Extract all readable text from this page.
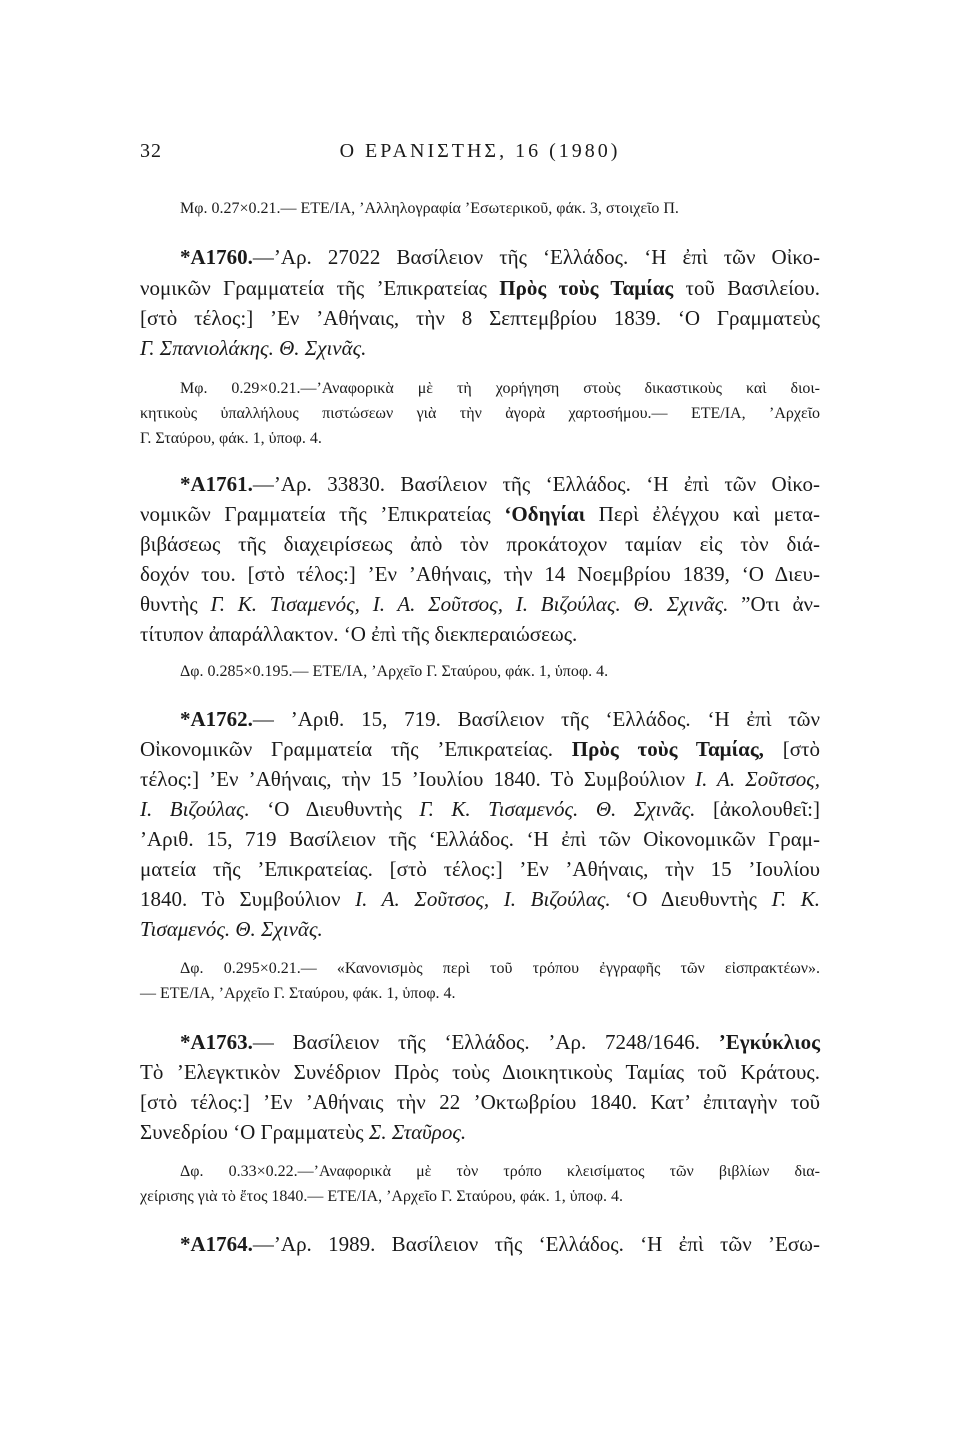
32	Ο ΕΡΑΝΙΣΤΗΣ, 16 (1980)
Μφ. 0.27×0.21.— ΕΤΕ/ΙΑ, ’Αλληλογραφία ’Εσωτερικοῦ, φάκ. 3, στοιχεῖο Π.
*Α1760.—’Αρ. 27022 Βασίλειον τῆς ‘Ελλάδος. ‘Η ἐπὶ τῶν Οἰκο-
νομικῶν Γραμματεία τῆς ’Επικρατείας Πρὸς τοὺς Ταμίας τοῦ Βασιλείου.
[στὸ τέλος:] ’Εν ’Αθήναις, τὴν 8 Σεπτεμβρίου 1839. ‘Ο Γραμματεὺς
Γ. Σπανιολάκης. Θ. Σχινᾶς.
Μφ. 0.29×0.21.—’Αναφορικὰ μὲ τὴ χορήγηση στοὺς δικαστικοὺς καὶ διοι-
κητικοὺς ὑπαλλήλους πιστώσεων γιὰ τὴν ἀγορὰ χαρτοσήμου.— ΕΤΕ/ΙΑ, ’Αρχεῖο
Γ. Σταύρου, φάκ. 1, ὑποφ. 4.
*Α1761.—’Αρ. 33830. Βασίλειον τῆς ‘Ελλάδος. ‘Η ἐπὶ τῶν Οἰκο-
νομικῶν Γραμματεία τῆς ’Επικρατείας ‘Οδηγίαι Περὶ ἐλέγχου καὶ μετα-
βιβάσεως τῆς διαχειρίσεως ἀπὸ τὸν προκάτοχον ταμίαν εἰς τὸν διά-
δοχόν του. [στὸ τέλος:] ’Εν ’Αθήναις, τὴν 14 Νοεμβρίου 1839, ‘Ο Διευ-
θυντὴς Γ. Κ. Τισαμενός, Ι. Α. Σοῦτσος, Ι. Βιζούλας. Θ. Σχινᾶς. ”Οτι ἀν-
τίτυπον ἀπαράλλακτον. ‘Ο ἐπὶ τῆς διεκπεραιώσεως.
Δφ. 0.285×0.195.— ΕΤΕ/ΙΑ, ’Αρχεῖο Γ. Σταύρου, φάκ. 1, ὑποφ. 4.
*Α1762.— ’Αριθ. 15, 719. Βασίλειον τῆς ‘Ελλάδος. ‘Η ἐπὶ τῶν
Οἰκονομικῶν Γραμματεία τῆς ’Επικρατείας. Πρὸς τοὺς Ταμίας, [στὸ
τέλος:] ’Εν ’Αθήναις, τὴν 15 ’Ιουλίου 1840. Τὸ Συμβούλιον Ι. Α. Σοῦτσος,
Ι. Βιζούλας. ‘Ο Διευθυντὴς Γ. Κ. Τισαμενός. Θ. Σχινᾶς. [ἀκολουθεῖ:]
’Αριθ. 15, 719 Βασίλειον τῆς ‘Ελλάδος. ‘Η ἐπὶ τῶν Οἰκονομικῶν Γραμ-
ματεία τῆς ’Επικρατείας. [στὸ τέλος:] ’Εν ’Αθήναις, τὴν 15 ’Ιουλίου
1840. Τὸ Συμβούλιον Ι. Α. Σοῦτσος, Ι. Βιζούλας. ‘Ο Διευθυντὴς Γ. Κ.
Τισαμενός. Θ. Σχινᾶς.
Δφ. 0.295×0.21.— «Κανονισμὸς περὶ τοῦ τρόπου ἐγγραφῆς τῶν εἰσπρακτέων».
— ΕΤΕ/ΙΑ, ’Αρχεῖο Γ. Σταύρου, φάκ. 1, ὑποφ. 4.
*Α1763.— Βασίλειον τῆς ‘Ελλάδος. ’Αρ. 7248/1646. ’Εγκύκλιος
Τὸ ’Ελεγκτικὸν Συνέδριον Πρὸς τοὺς Διοικητικοὺς Ταμίας τοῦ Κράτους.
[στὸ τέλος:] ’Εν ’Αθήναις τὴν 22 ’Οκτωβρίου 1840. Κατ’ ἐπιταγὴν τοῦ
Συνεδρίου ‘Ο Γραμματεὺς Σ. Σταῦρος.
Δφ. 0.33×0.22.—’Αναφορικὰ μὲ τὸν τρόπο κλεισίματος τῶν βιβλίων δια-
χείρισης γιὰ τὸ ἔτος 1840.— ΕΤΕ/ΙΑ, ’Αρχεῖο Γ. Σταύρου, φάκ. 1, ὑποφ. 4.
*Α1764.—’Αρ. 1989. Βασίλειον τῆς ‘Ελλάδος. ‘Η ἐπὶ τῶν ’Εσω-
